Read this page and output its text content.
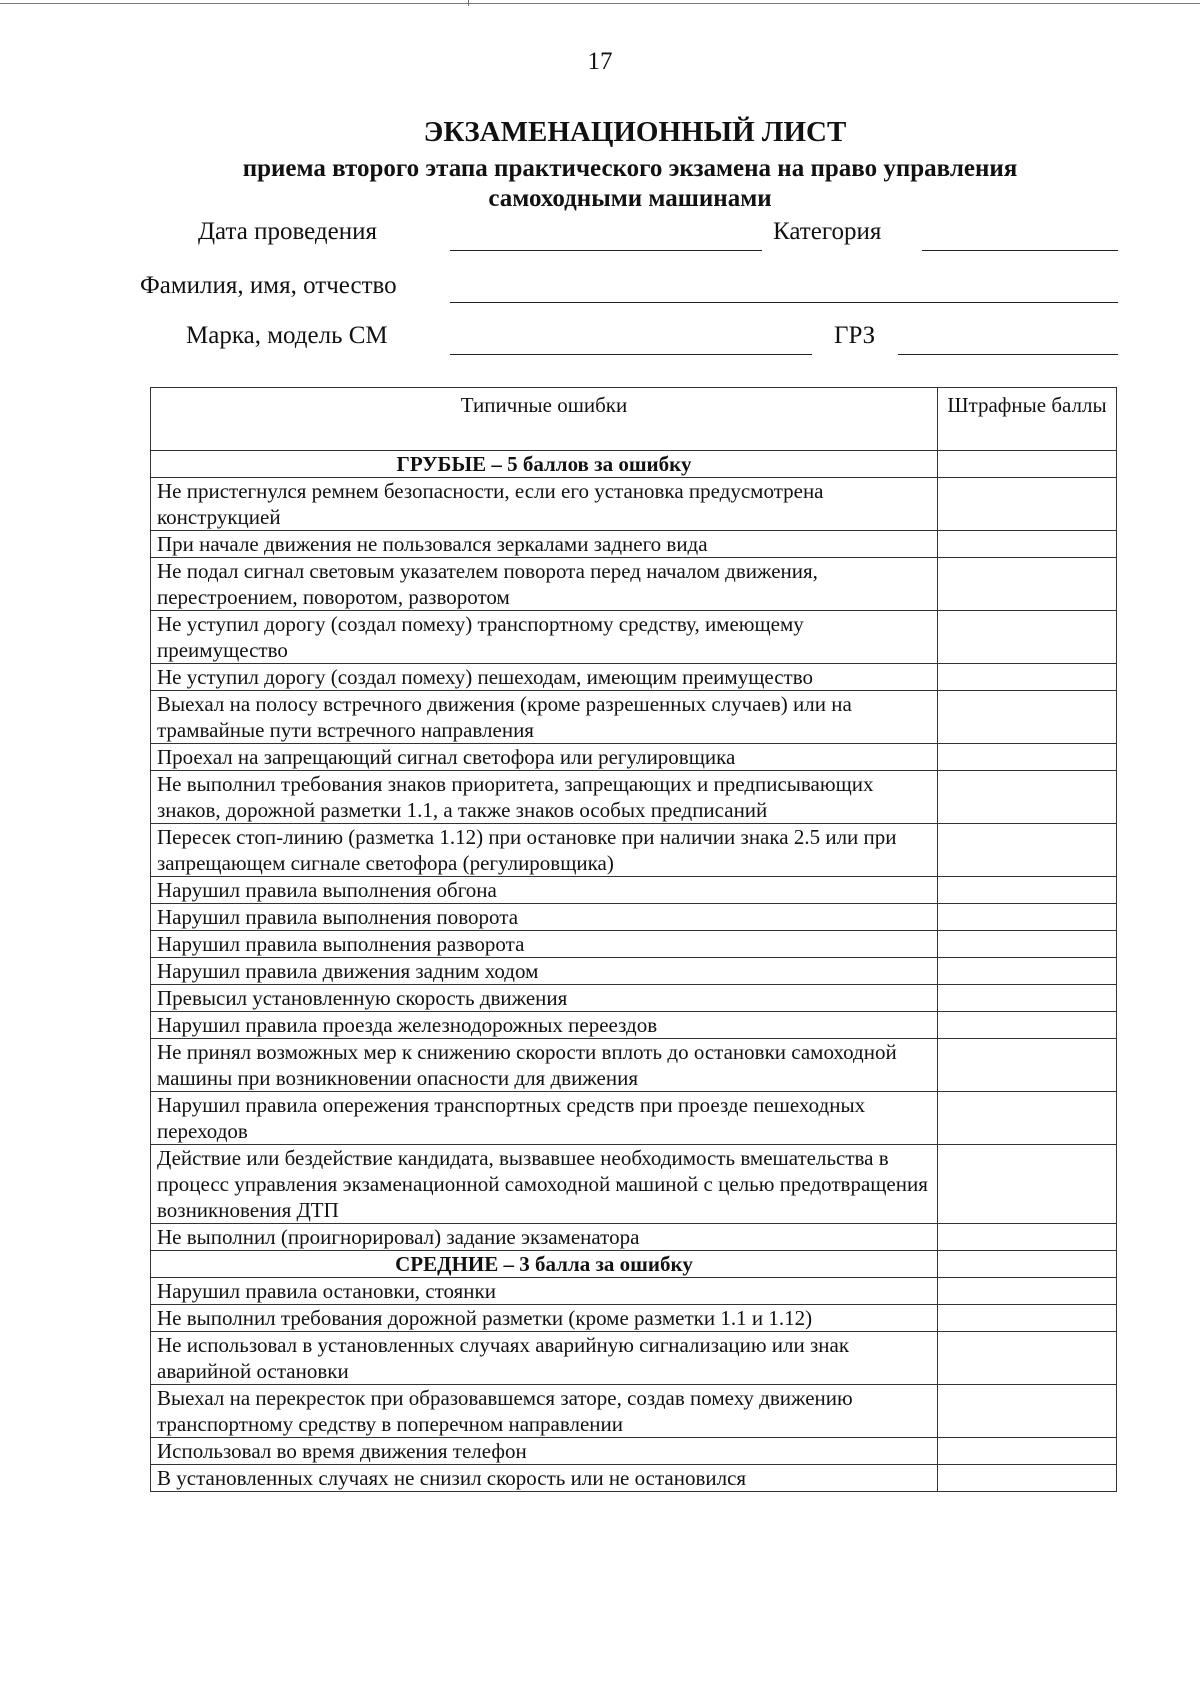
17
ЭКЗАМЕНАЦИОННЫЙ ЛИСТ
приема второго этапа практического экзамена на право управления
самоходными машинами
Дата проведения	Категория
Фамилия, имя, отчество
Марка, модель СМ	ГРЗ
Типичные ошибки	Штрафные баллы
ГРУБЫЕ – 5 баллов за ошибку	
Не пристегнулся ремнем безопасности, если его установка предусмотрена конструкцией	
При начале движения не пользовался зеркалами заднего вида	
Не подал сигнал световым указателем поворота перед началом движения, перестроением, поворотом, разворотом	
Не уступил дорогу (создал помеху) транспортному средству, имеющему преимущество	
Не уступил дорогу (создал помеху) пешеходам, имеющим преимущество	
Выехал на полосу встречного движения (кроме разрешенных случаев) или на трамвайные пути встречного направления	
Проехал на запрещающий сигнал светофора или регулировщика	
Не выполнил требования знаков приоритета, запрещающих и предписывающих знаков, дорожной разметки 1.1, а также знаков особых предписаний	
Пересек стоп-линию (разметка 1.12) при остановке при наличии знака 2.5 или при запрещающем сигнале светофора (регулировщика)	
Нарушил правила выполнения обгона	
Нарушил правила выполнения поворота	
Нарушил правила выполнения разворота	
Нарушил правила движения задним ходом	
Превысил установленную скорость движения	
Нарушил правила проезда железнодорожных переездов	
Не принял возможных мер к снижению скорости вплоть до остановки самоходной машины при возникновении опасности для движения	
Нарушил правила опережения транспортных средств при проезде пешеходных переходов	
Действие или бездействие кандидата, вызвавшее необходимость вмешательства в процесс управления экзаменационной самоходной машиной с целью предотвращения возникновения ДТП	
Не выполнил (проигнорировал) задание экзаменатора	
СРЕДНИЕ – 3 балла за ошибку	
Нарушил правила остановки, стоянки	
Не выполнил требования дорожной разметки (кроме разметки 1.1 и 1.12)	
Не использовал в установленных случаях аварийную сигнализацию или знак аварийной остановки	
Выехал на перекресток при образовавшемся заторе, создав помеху движению транспортному средству в поперечном направлении	
Использовал во время движения телефон	
В установленных случаях не снизил скорость или не остановился	
